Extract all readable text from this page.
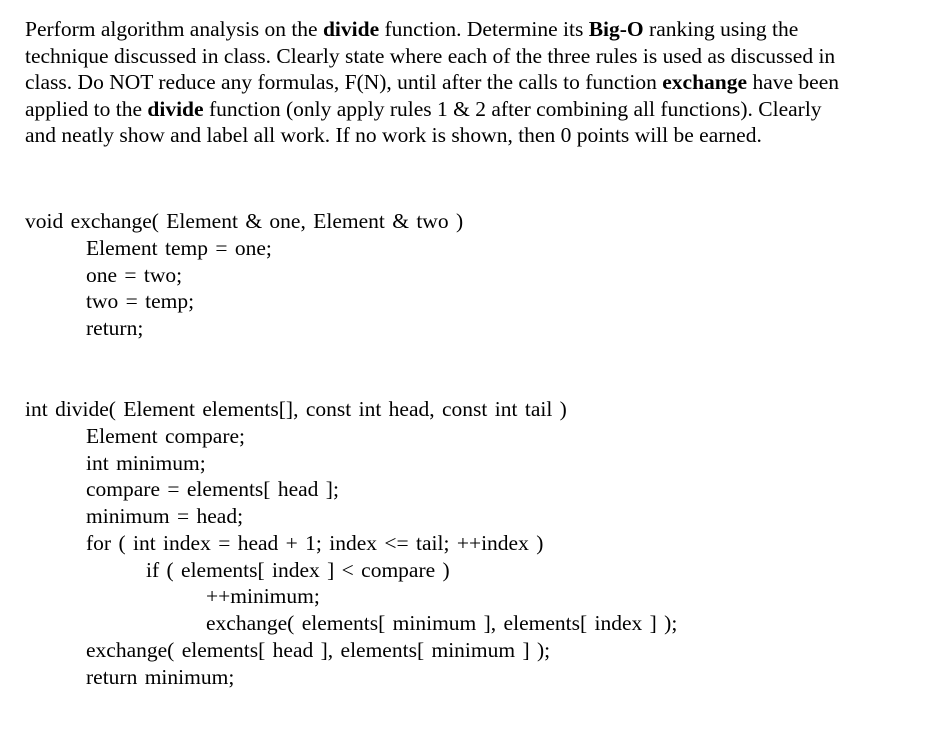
Perform algorithm analysis on the divide function. Determine its Big-O ranking using the
technique discussed in class. Clearly state where each of the three rules is used as discussed in
class. Do NOT reduce any formulas, F(N), until after the calls to function exchange have been
applied to the divide function (only apply rules 1 & 2 after combining all functions). Clearly
and neatly show and label all work. If no work is shown, then 0 points will be earned.
void exchange( Element & one, Element & two )
Element temp = one;
one = two;
two = temp;
return;
int divide( Element elements[], const int head, const int tail )
Element compare;
int minimum;
compare = elements[ head ];
minimum = head;
for ( int index = head + 1; index <= tail; ++index )
if ( elements[ index ] < compare )
++minimum;
exchange( elements[ minimum ], elements[ index ] );
exchange( elements[ head ], elements[ minimum ] );
return minimum;
